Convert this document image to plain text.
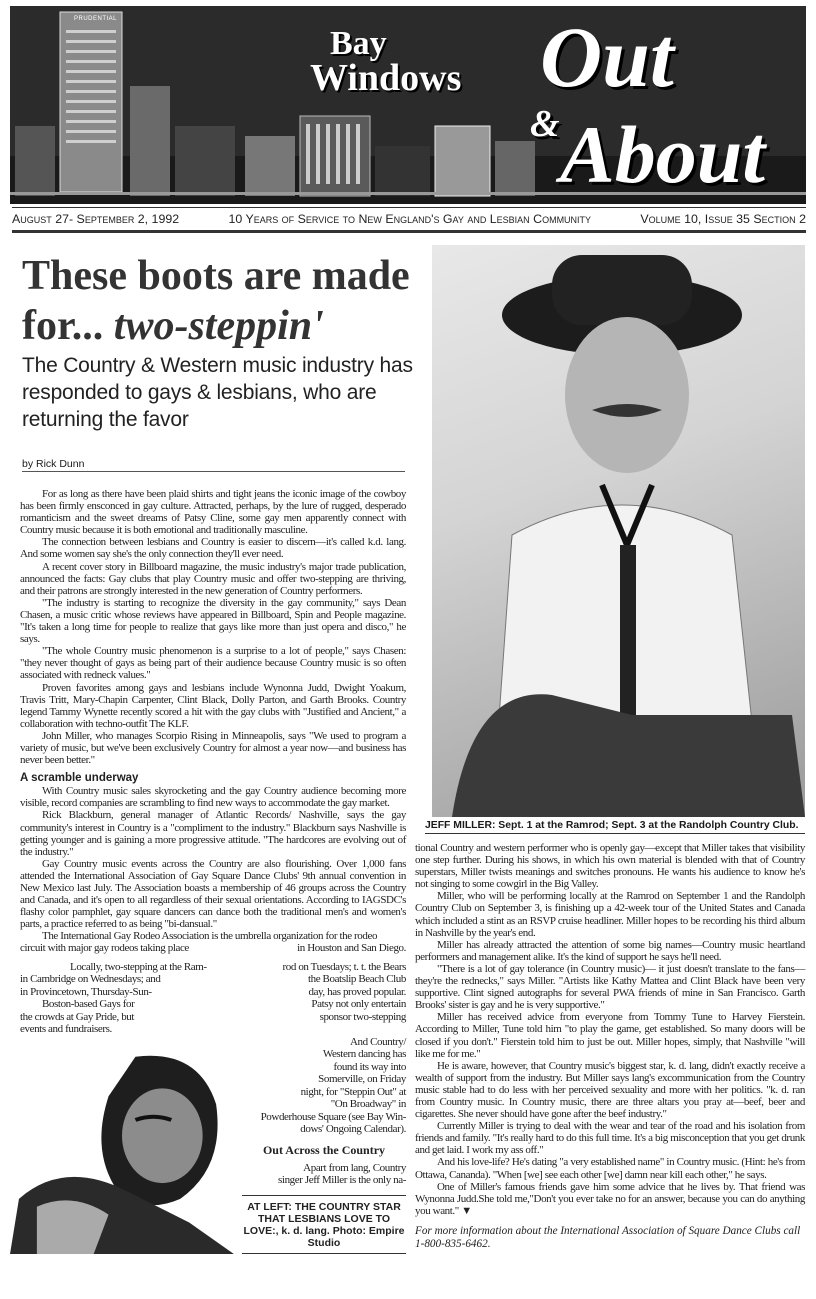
PRUDENTIAL
Bay
Windows Out
& About
August 27- September 2, 1992	10 Years of Service to New England's Gay and Lesbian Community	Volume 10, Issue 35 Section 2
These boots are made
for... two-steppin'
The Country & Western music industry has responded to gays & lesbians, who are returning the favor
by Rick Dunn
JEFF MILLER: Sept. 1 at the Ramrod; Sept. 3 at the Randolph Country Club.

For as long as there have been plaid shirts and tight jeans the iconic image of the cowboy has been firmly ensconced in gay culture. Attracted, perhaps, by the lure of rugged, desperado romanticism and the sweet dreams of Patsy Cline, some gay men apparently connect with Country music because it is both emotional and traditionally masculine.

The connection between lesbians and Country is easier to discern—it's called k.d. lang. And some women say she's the only connection they'll ever need.

A recent cover story in Billboard magazine, the music industry's major trade publication, announced the facts: Gay clubs that play Country music and offer two-stepping are thriving, and their patrons are strongly interested in the new generation of Country performers.

"The industry is starting to recognize the diversity in the gay community," says Dean Chasen, a music critic whose reviews have appeared in Billboard, Spin and People magazine. "It's taken a long time for people to realize that gays like more than just opera and disco," he says.

"The whole Country music phenomenon is a surprise to a lot of people," says Chasen: "they never thought of gays as being part of their audience because Country music is so often associated with redneck values."

Proven favorites among gays and lesbians include Wynonna Judd, Dwight Yoakum, Travis Tritt, Mary-Chapin Carpenter, Clint Black, Dolly Parton, and Garth Brooks. Country legend Tammy Wynette recently scored a hit with the gay clubs with "Justified and Ancient," a collaboration with techno-outfit The KLF.

John Miller, who manages Scorpio Rising in Minneapolis, says "We used to program a variety of music, but we've been exclusively Country for almost a year now—and business has never been better."

A scramble underway

With Country music sales skyrocketing and the gay Country audience becoming more visible, record companies are scrambling to find new ways to accommodate the gay market.

Rick Blackburn, general manager of Atlantic Records/ Nashville, says the gay community's interest in Country is a "compliment to the industry." Blackburn says Nashville is getting younger and is gaining a more progressive attitude. "The hardcores are evolving out of the industry."

Gay Country music events across the Country are also flourishing. Over 1,000 fans attended the International Association of Gay Square Dance Clubs' 9th annual convention in New Mexico last July. The Association boasts a membership of 46 groups across the Country and Canada, and it's open to all regardless of their sexual orientations. According to IAGSDC's flashy color pamphlet, gay square dancers can dance both the traditional men's and women's parts, a practice referred to as being "bi-dansual."

The International Gay Rodeo Association is the umbrella organization for the rodeo

circuit with major gay rodeos taking place	in Houston and San Diego.
Locally, two-stepping at the Ram-
in Cambridge on Wednesdays; and
in Provincetown, Thursday-Sun-
Boston-based Gays for
the crowds at Gay Pride, but
events and fundraisers.
rod on Tuesdays; t. t. the Bears
the Boatslip Beach Club
day, has proved popular.
Patsy not only entertain
sponsor two-stepping
And Country/
Western dancing has
found its way into
Somerville, on Friday
night, for "Steppin Out" at
"On Broadway" in
Powderhouse Square (see Bay Win-
dows' Ongoing Calendar).
Out Across the Country
Apart from lang, Country
singer Jeff Miller is the only na-
AT LEFT: THE COUNTRY STAR THAT LESBIANS LOVE TO LOVE:, k. d. lang. Photo: Empire Studio

tional Country and western performer who is openly gay—except that Miller takes that visibility one step further. During his shows, in which his own material is blended with that of Country superstars, Miller twists meanings and switches pronouns. He wants his audience to know he's not singing to some cowgirl in the Big Valley.

Miller, who will be performing locally at the Ramrod on September 1 and the Randolph Country Club on September 3, is finishing up a 42-week tour of the United States and Canada which included a stint as an RSVP cruise headliner. Miller hopes to be recording his third album in Nashville by the year's end.

Miller has already attracted the attention of some big names—Country music heartland performers and management alike. It's the kind of support he says he'll need.

"There is a lot of gay tolerance (in Country music)— it just doesn't translate to the fans— they're the rednecks," says Miller. "Artists like Kathy Mattea and Clint Black have been very supportive. Clint signed autographs for several PWA friends of mine in San Francisco. Garth Brooks' sister is gay and he is very supportive."

Miller has received advice from everyone from Tommy Tune to Harvey Fierstein. According to Miller, Tune told him "to play the game, get established. So many doors will be closed if you don't." Fierstein told him to just be out. Miller hopes, simply, that Nashville "will like me for me."

He is aware, however, that Country music's biggest star, k. d. lang, didn't exactly receive a wealth of support from the industry. But Miller says lang's excommunication from the Country music stable had to do less with her perceived sexuality and more with her politics. "k. d. ran from Country music. In Country music, there are three altars you pray at—beef, beer and cigarettes. She never should have gone after the beef industry."

Currently Miller is trying to deal with the wear and tear of the road and his isolation from friends and family. "It's really hard to do this full time. It's a big misconception that you get drunk and get laid. I work my ass off."

And his love-life? He's dating "a very established name" in Country music. (Hint: he's from Ottawa, Cananda). "When [we] see each other [we] damn near kill each other," he says.

One of Miller's famous friends gave him some advice that he lives by. That friend was Wynonna Judd.She told me,"Don't you ever take no for an answer, because you can do anything you want." ▼

For more information about the International Association of Square Dance Clubs call 1-800-835-6462.
